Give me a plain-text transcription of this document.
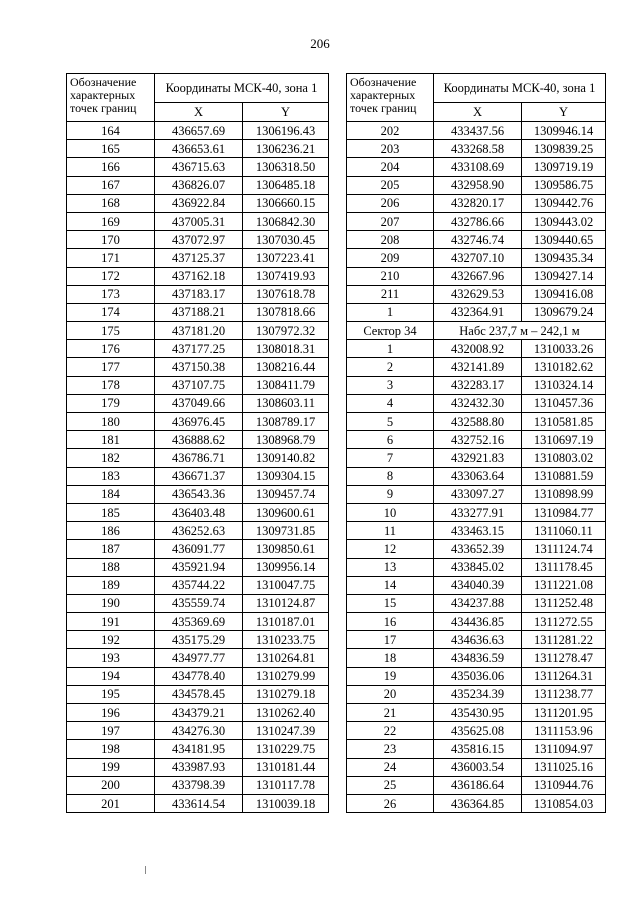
206
Обозначение характерных точек границ	Координаты МСК-40, зона 1	
	X	Y
164	436657.69	1306196.43
165	436653.61	1306236.21
166	436715.63	1306318.50
167	436826.07	1306485.18
168	436922.84	1306660.15
169	437005.31	1306842.30
170	437072.97	1307030.45
171	437125.37	1307223.41
172	437162.18	1307419.93
173	437183.17	1307618.78
174	437188.21	1307818.66
175	437181.20	1307972.32
176	437177.25	1308018.31
177	437150.38	1308216.44
178	437107.75	1308411.79
179	437049.66	1308603.11
180	436976.45	1308789.17
181	436888.62	1308968.79
182	436786.71	1309140.82
183	436671.37	1309304.15
184	436543.36	1309457.74
185	436403.48	1309600.61
186	436252.63	1309731.85
187	436091.77	1309850.61
188	435921.94	1309956.14
189	435744.22	1310047.75
190	435559.74	1310124.87
191	435369.69	1310187.01
192	435175.29	1310233.75
193	434977.77	1310264.81
194	434778.40	1310279.99
195	434578.45	1310279.18
196	434379.21	1310262.40
197	434276.30	1310247.39
198	434181.95	1310229.75
199	433987.93	1310181.44
200	433798.39	1310117.78
201	433614.54	1310039.18
Обозначение характерных точек границ	Координаты МСК-40, зона 1	
	X	Y
202	433437.56	1309946.14
203	433268.58	1309839.25
204	433108.69	1309719.19
205	432958.90	1309586.75
206	432820.17	1309442.76
207	432786.66	1309443.02
208	432746.74	1309440.65
209	432707.10	1309435.34
210	432667.96	1309427.14
211	432629.53	1309416.08
1	432364.91	1309679.24
Сектор 34	Набс 237,7 м – 242,1 м	
1	432008.92	1310033.26
2	432141.89	1310182.62
3	432283.17	1310324.14
4	432432.30	1310457.36
5	432588.80	1310581.85
6	432752.16	1310697.19
7	432921.83	1310803.02
8	433063.64	1310881.59
9	433097.27	1310898.99
10	433277.91	1310984.77
11	433463.15	1311060.11
12	433652.39	1311124.74
13	433845.02	1311178.45
14	434040.39	1311221.08
15	434237.88	1311252.48
16	434436.85	1311272.55
17	434636.63	1311281.22
18	434836.59	1311278.47
19	435036.06	1311264.31
20	435234.39	1311238.77
21	435430.95	1311201.95
22	435625.08	1311153.96
23	435816.15	1311094.97
24	436003.54	1311025.16
25	436186.64	1310944.76
26	436364.85	1310854.03
